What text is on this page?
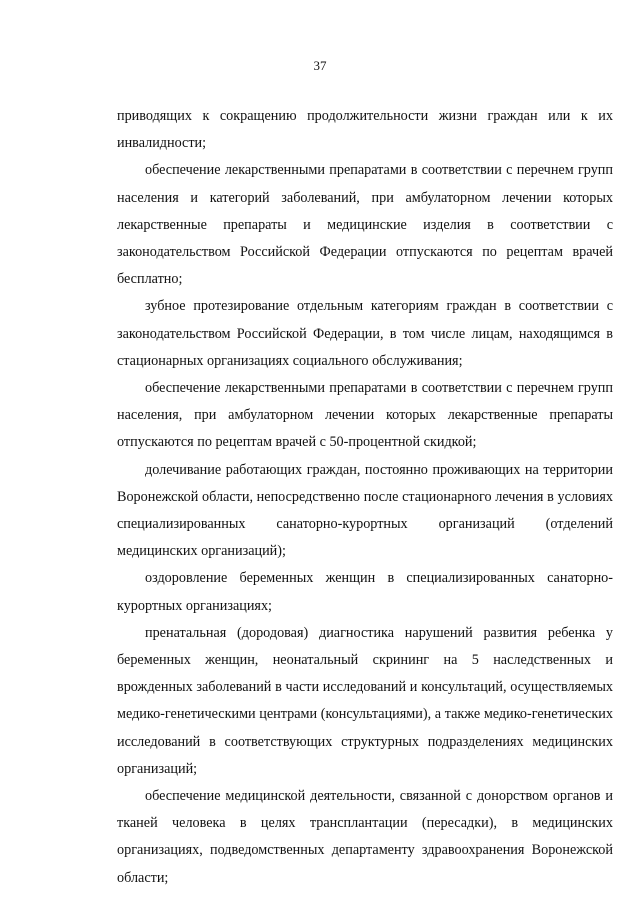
37

приводящих к сокращению продолжительности жизни граждан или к их инвалидности;

обеспечение лекарственными препаратами в соответствии с перечнем групп населения и категорий заболеваний, при амбулаторном лечении которых лекарственные препараты и медицинские изделия в соответствии с законодательством Российской Федерации отпускаются по рецептам врачей бесплатно;

зубное протезирование отдельным категориям граждан в соответствии с законодательством Российской Федерации, в том числе лицам, находящимся в стационарных организациях социального обслуживания;

обеспечение лекарственными препаратами в соответствии с перечнем групп населения, при амбулаторном лечении которых лекарственные препараты отпускаются по рецептам врачей с 50-процентной скидкой;

долечивание работающих граждан, постоянно проживающих на территории Воронежской области, непосредственно после стационарного лечения в условиях специализированных санаторно-курортных организаций (отделений медицинских организаций);

оздоровление беременных женщин в специализированных санаторно-курортных организациях;

пренатальная (дородовая) диагностика нарушений развития ребенка у беременных женщин, неонатальный скрининг на 5 наследственных и врожденных заболеваний в части исследований и консультаций, осуществляемых медико-генетическими центрами (консультациями), а также медико-генетических исследований в соответствующих структурных подразделениях медицинских организаций;

обеспечение медицинской деятельности, связанной с донорством органов и тканей человека в целях трансплантации (пересадки), в медицинских организациях, подведомственных департаменту здравоохранения Воронежской области;
